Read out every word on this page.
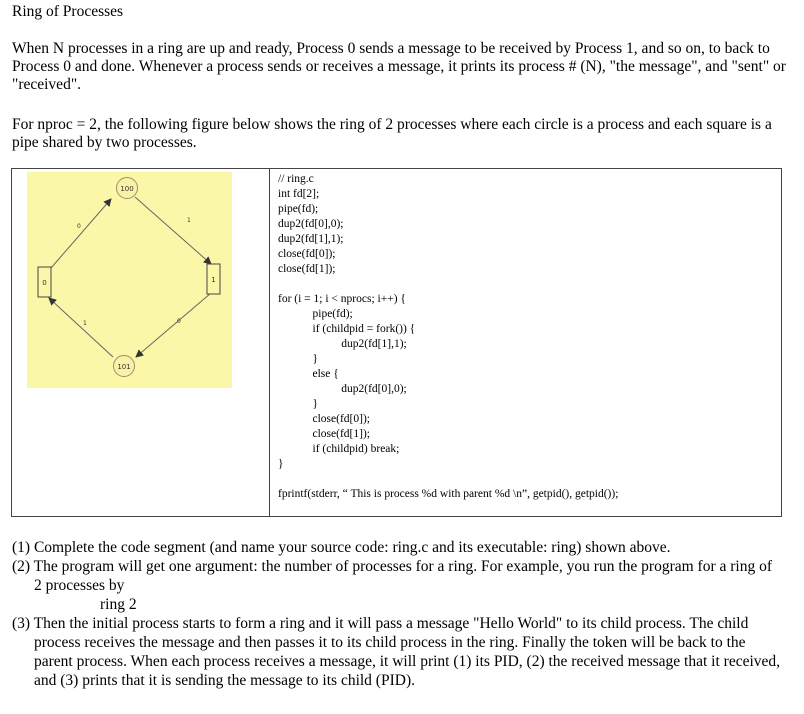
Ring of Processes

When N processes in a ring are up and ready, Process 0 sends a message to be received by Process 1, and so on, to back to Process 0 and done. Whenever a process sends or receives a message, it prints its process # (N), "the message", and "sent" or "received".

For nproc = 2, the following figure below shows the ring of 2 processes where each circle is a process and each square is a pipe shared by two processes.

100
101
0	1
0
1
1	0
// ring.c
int fd[2];
pipe(fd);
dup2(fd[0],0);
dup2(fd[1],1);
close(fd[0]);
close(fd[1]);
for (i = 1; i < nprocs; i++) {
pipe(fd);
if (childpid = fork()) {
dup2(fd[1],1);
}
else {
dup2(fd[0],0);
}
close(fd[0]);
close(fd[1]);
if (childpid) break;
}
fprintf(stderr, “ This is process %d with parent %d \n”, getpid(), getpid());
(1) Complete the code segment (and name your source code: ring.c and its executable: ring) shown above.
(2) The program will get one argument: the number of processes for a ring. For example, you run the program for a ring of 2 processes by
ring 2
(3) Then the initial process starts to form a ring and it will pass a message "Hello World" to its child process. The child process receives the message and then passes it to its child process in the ring. Finally the token will be back to the parent process. When each process receives a message, it will print (1) its PID, (2) the received message that it received, and (3) prints that it is sending the message to its child (PID).
